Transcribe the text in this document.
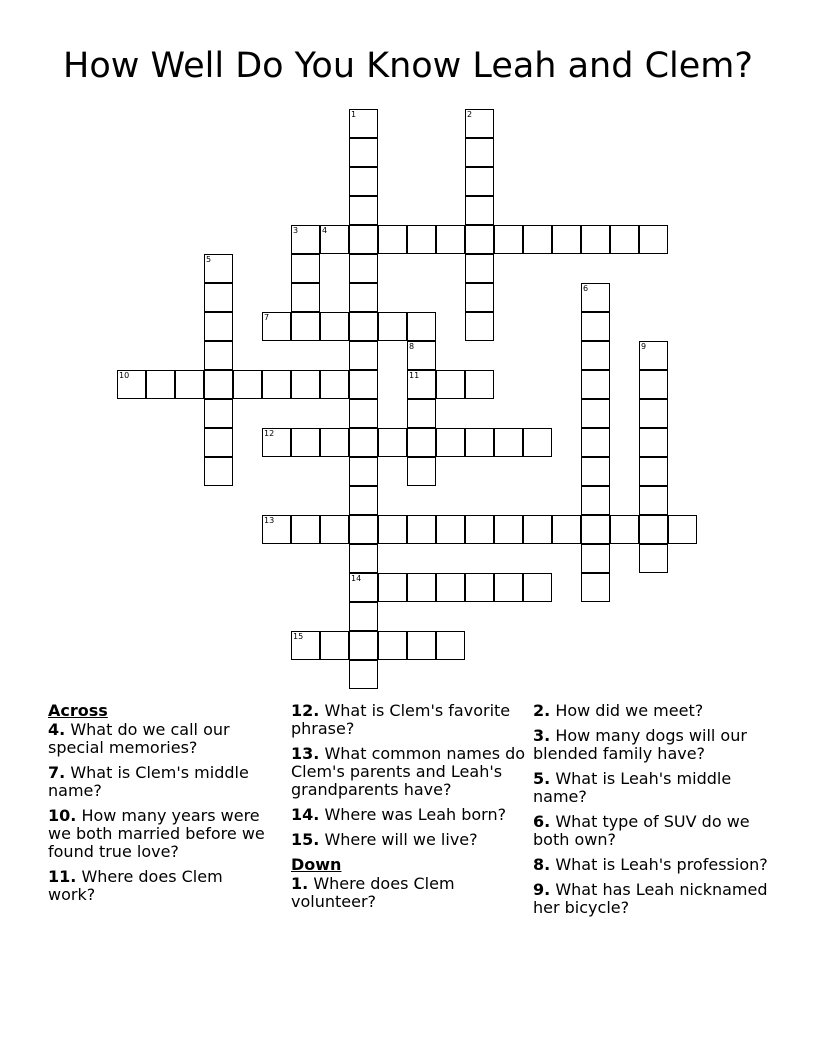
How Well Do You Know Leah and Clem?
1
14
2
3	4
5
6
7
8
11
9
10
12
13
15
Across
4. What do we call our special memories?
7. What is Clem's middle name?
10. How many years were we both married before we found true love?
11. Where does Clem work?
12. What is Clem's favorite phrase?
13. What common names do Clem's parents and Leah's grandparents have?
14. Where was Leah born?
15. Where will we live?
Down
1. Where does Clem volunteer?
2. How did we meet?
3. How many dogs will our blended family have?
5. What is Leah's middle name?
6. What type of SUV do we both own?
8. What is Leah's profession?
9. What has Leah nicknamed her bicycle?
